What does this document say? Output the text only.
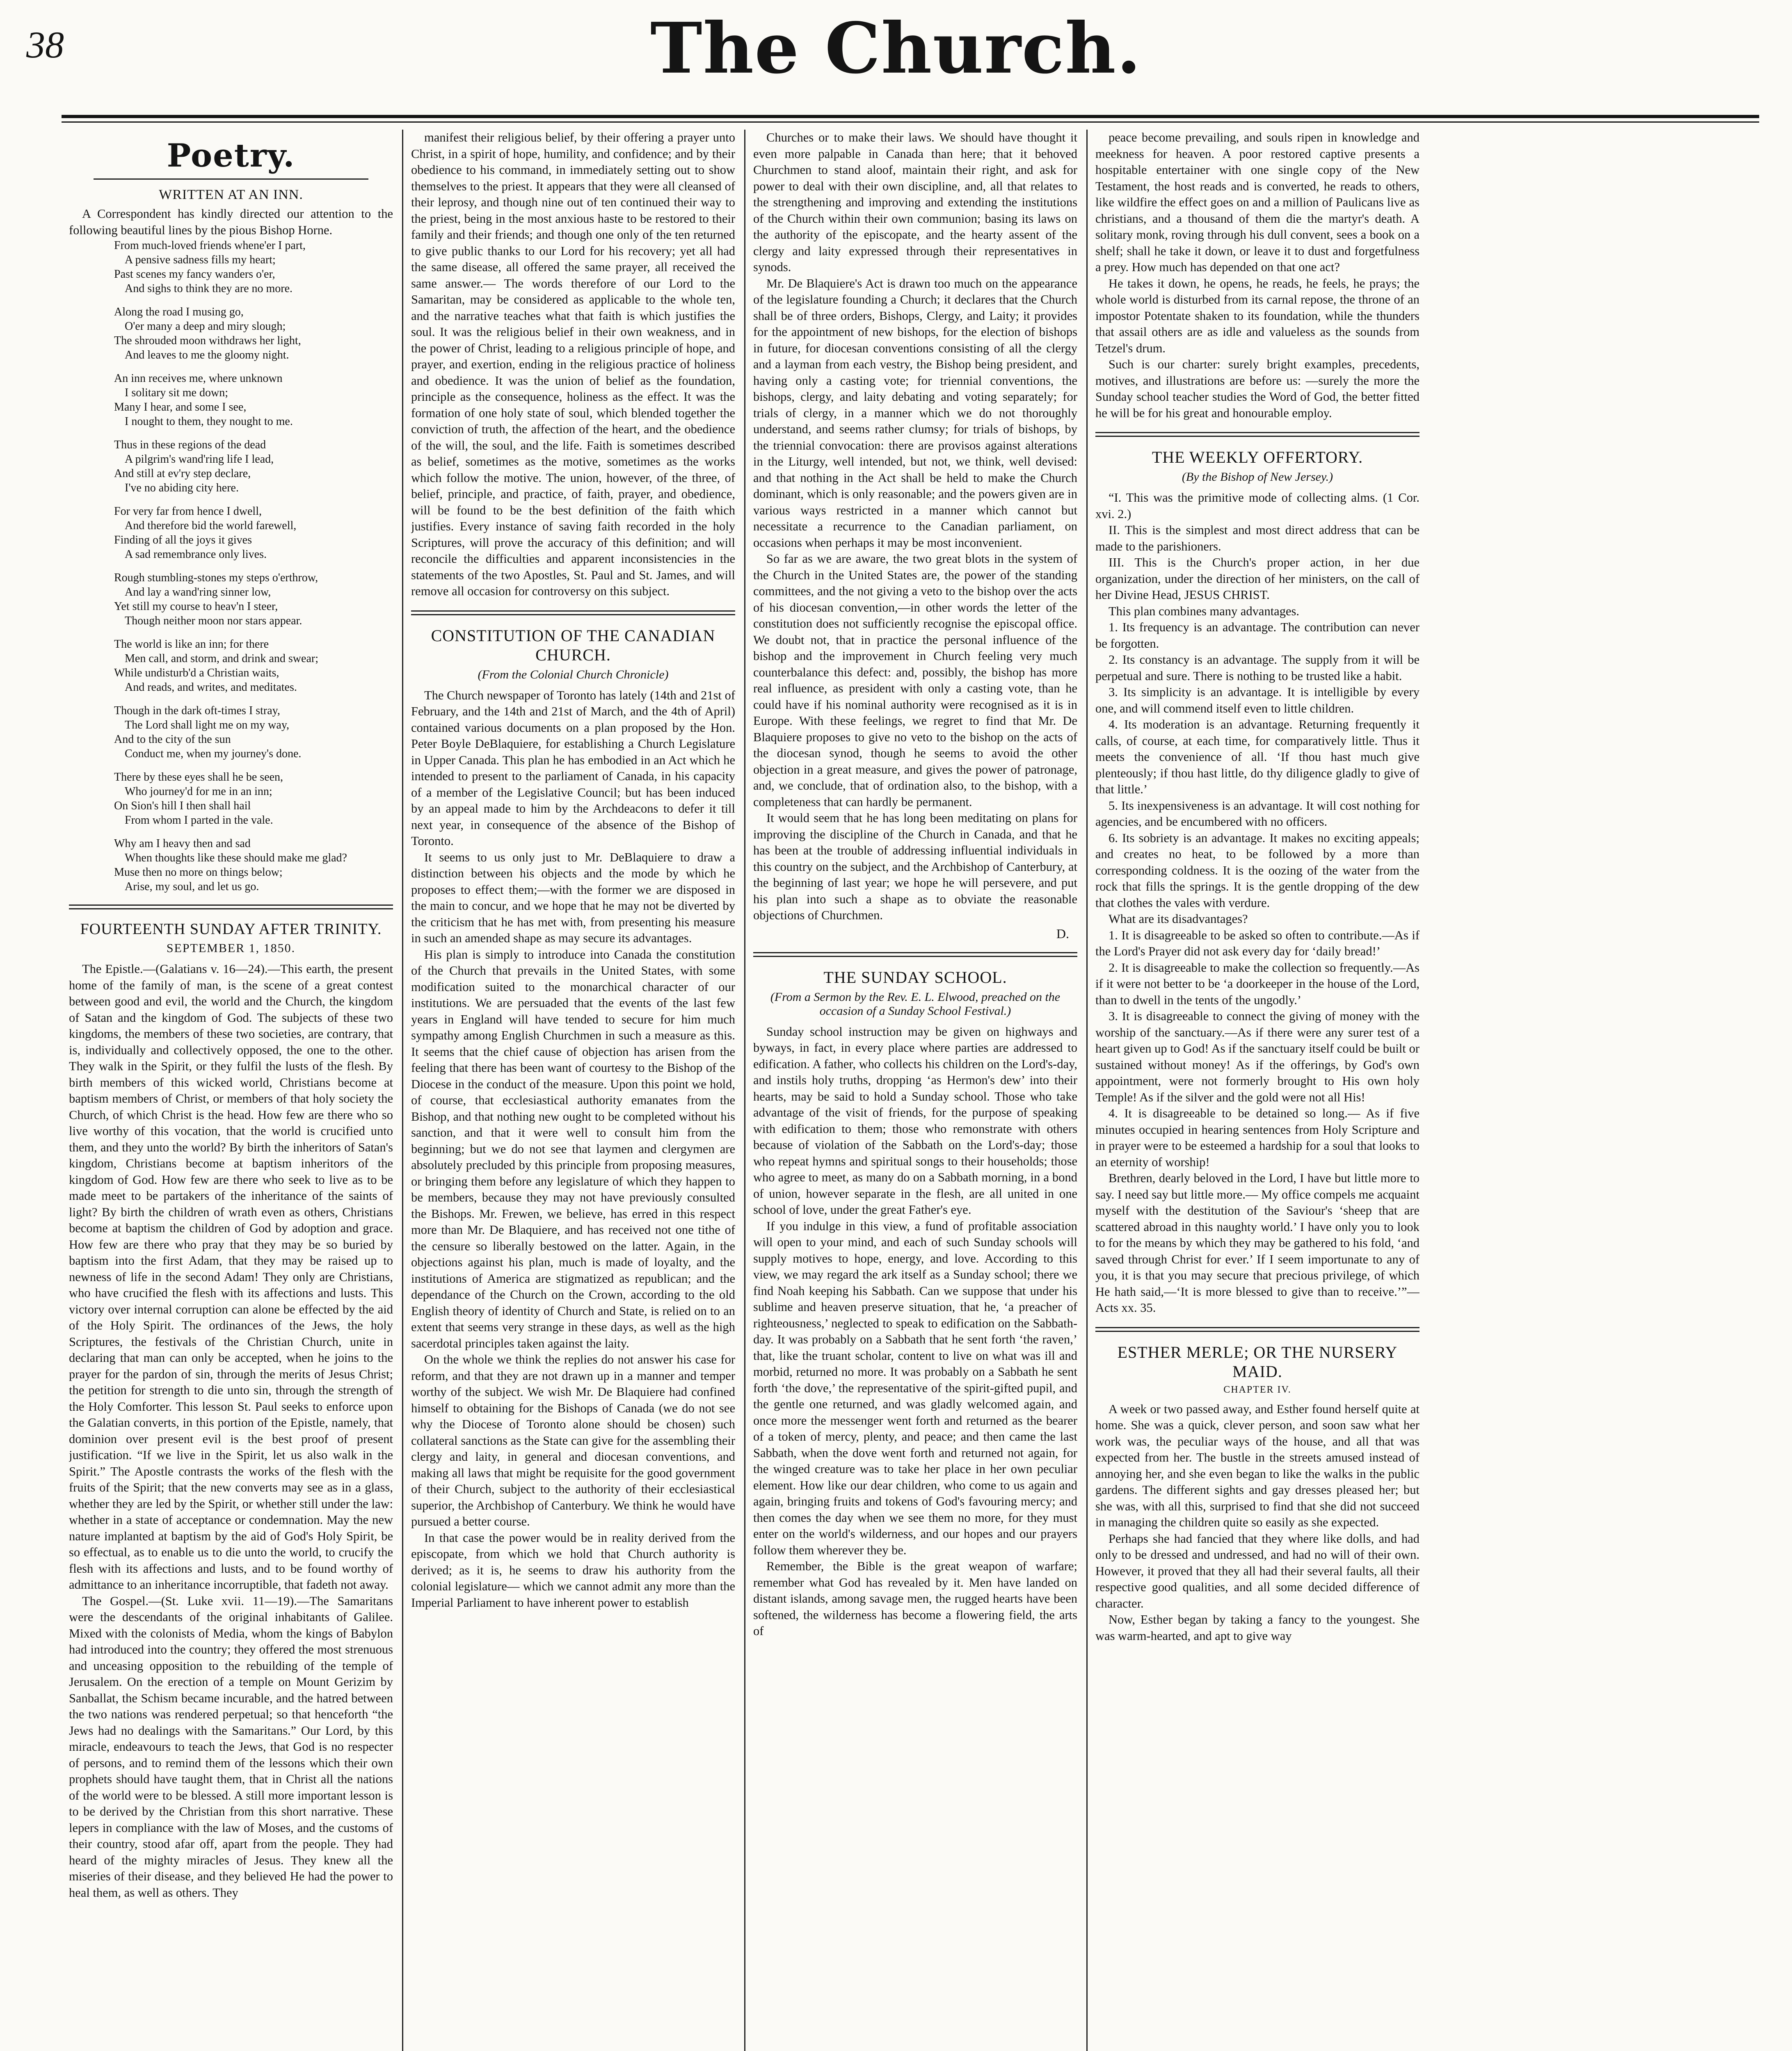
38	The Church.
Poetry.
WRITTEN AT AN INN.

A Correspondent has kindly directed our attention to the following beautiful lines by the pious Bishop Horne.

From much-loved friends whene'er I part,
A pensive sadness fills my heart;
Past scenes my fancy wanders o'er,
And sighs to think they are no more.
Along the road I musing go,
O'er many a deep and miry slough;
The shrouded moon withdraws her light,
And leaves to me the gloomy night.
An inn receives me, where unknown
I solitary sit me down;
Many I hear, and some I see,
I nought to them, they nought to me.
Thus in these regions of the dead
A pilgrim's wand'ring life I lead,
And still at ev'ry step declare,
I've no abiding city here.
For very far from hence I dwell,
And therefore bid the world farewell,
Finding of all the joys it gives
A sad remembrance only lives.
Rough stumbling-stones my steps o'erthrow,
And lay a wand'ring sinner low,
Yet still my course to heav'n I steer,
Though neither moon nor stars appear.
The world is like an inn; for there
Men call, and storm, and drink and swear;
While undisturb'd a Christian waits,
And reads, and writes, and meditates.
Though in the dark oft-times I stray,
The Lord shall light me on my way,
And to the city of the sun
Conduct me, when my journey's done.
There by these eyes shall he be seen,
Who journey'd for me in an inn;
On Sion's hill I then shall hail
From whom I parted in the vale.
Why am I heavy then and sad
When thoughts like these should make me glad?
Muse then no more on things below;
Arise, my soul, and let us go.
FOURTEENTH SUNDAY AFTER TRINITY.
SEPTEMBER 1, 1850.

The Epistle.—(Galatians v. 16—24).—This earth, the present home of the family of man, is the scene of a great contest between good and evil, the world and the Church, the kingdom of Satan and the kingdom of God. The subjects of these two kingdoms, the members of these two societies, are contrary, that is, individually and collectively opposed, the one to the other. They walk in the Spirit, or they fulfil the lusts of the flesh. By birth members of this wicked world, Christians become at baptism members of Christ, or members of that holy society the Church, of which Christ is the head. How few are there who so live worthy of this vocation, that the world is crucified unto them, and they unto the world? By birth the inheritors of Satan's kingdom, Christians become at baptism inheritors of the kingdom of God. How few are there who seek to live as to be made meet to be partakers of the inheritance of the saints of light? By birth the children of wrath even as others, Christians become at baptism the children of God by adoption and grace. How few are there who pray that they may be so buried by baptism into the first Adam, that they may be raised up to newness of life in the second Adam! They only are Christians, who have crucified the flesh with its affections and lusts. This victory over internal corruption can alone be effected by the aid of the Holy Spirit. The ordinances of the Jews, the holy Scriptures, the festivals of the Christian Church, unite in declaring that man can only be accepted, when he joins to the prayer for the pardon of sin, through the merits of Jesus Christ; the petition for strength to die unto sin, through the strength of the Holy Comforter. This lesson St. Paul seeks to enforce upon the Galatian converts, in this portion of the Epistle, namely, that dominion over present evil is the best proof of present justification. “If we live in the Spirit, let us also walk in the Spirit.” The Apostle contrasts the works of the flesh with the fruits of the Spirit; that the new converts may see as in a glass, whether they are led by the Spirit, or whether still under the law: whether in a state of acceptance or condemnation. May the new nature implanted at baptism by the aid of God's Holy Spirit, be so effectual, as to enable us to die unto the world, to crucify the flesh with its affections and lusts, and to be found worthy of admittance to an inheritance incorruptible, that fadeth not away.

The Gospel.—(St. Luke xvii. 11—19).—The Samaritans were the descendants of the original inhabitants of Galilee. Mixed with the colonists of Media, whom the kings of Babylon had introduced into the country; they offered the most strenuous and unceasing opposition to the rebuilding of the temple of Jerusalem. On the erection of a temple on Mount Gerizim by Sanballat, the Schism became incurable, and the hatred between the two nations was rendered perpetual; so that henceforth “the Jews had no dealings with the Samaritans.” Our Lord, by this miracle, endeavours to teach the Jews, that God is no respecter of persons, and to remind them of the lessons which their own prophets should have taught them, that in Christ all the nations of the world were to be blessed. A still more important lesson is to be derived by the Christian from this short narrative. These lepers in compliance with the law of Moses, and the customs of their country, stood afar off, apart from the people. They had heard of the mighty miracles of Jesus. They knew all the miseries of their disease, and they believed He had the power to heal them, as well as others. They

manifest their religious belief, by their offering a prayer unto Christ, in a spirit of hope, humility, and confidence; and by their obedience to his command, in immediately setting out to show themselves to the priest. It appears that they were all cleansed of their leprosy, and though nine out of ten continued their way to the priest, being in the most anxious haste to be restored to their family and their friends; and though one only of the ten returned to give public thanks to our Lord for his recovery; yet all had the same disease, all offered the same prayer, all received the same answer.— The words therefore of our Lord to the Samaritan, may be considered as applicable to the whole ten, and the narrative teaches what that faith is which justifies the soul. It was the religious belief in their own weakness, and in the power of Christ, leading to a religious principle of hope, and prayer, and exertion, ending in the religious practice of holiness and obedience. It was the union of belief as the foundation, principle as the consequence, holiness as the effect. It was the formation of one holy state of soul, which blended together the conviction of truth, the affection of the heart, and the obedience of the will, the soul, and the life. Faith is sometimes described as belief, sometimes as the motive, sometimes as the works which follow the motive. The union, however, of the three, of belief, principle, and practice, of faith, prayer, and obedience, will be found to be the best definition of the faith which justifies. Every instance of saving faith recorded in the holy Scriptures, will prove the accuracy of this definition; and will reconcile the difficulties and apparent inconsistencies in the statements of the two Apostles, St. Paul and St. James, and will remove all occasion for controversy on this subject.

CONSTITUTION OF THE CANADIAN CHURCH.
(From the Colonial Church Chronicle)

The Church newspaper of Toronto has lately (14th and 21st of February, and the 14th and 21st of March, and the 4th of April) contained various documents on a plan proposed by the Hon. Peter Boyle DeBlaquiere, for establishing a Church Legislature in Upper Canada. This plan he has embodied in an Act which he intended to present to the parliament of Canada, in his capacity of a member of the Legislative Council; but has been induced by an appeal made to him by the Archdeacons to defer it till next year, in consequence of the absence of the Bishop of Toronto.

It seems to us only just to Mr. DeBlaquiere to draw a distinction between his objects and the mode by which he proposes to effect them;—with the former we are disposed in the main to concur, and we hope that he may not be diverted by the criticism that he has met with, from presenting his measure in such an amended shape as may secure its advantages.

His plan is simply to introduce into Canada the constitution of the Church that prevails in the United States, with some modification suited to the monarchical character of our institutions. We are persuaded that the events of the last few years in England will have tended to secure for him much sympathy among English Churchmen in such a measure as this. It seems that the chief cause of objection has arisen from the feeling that there has been want of courtesy to the Bishop of the Diocese in the conduct of the measure. Upon this point we hold, of course, that ecclesiastical authority emanates from the Bishop, and that nothing new ought to be completed without his sanction, and that it were well to consult him from the beginning; but we do not see that laymen and clergymen are absolutely precluded by this principle from proposing measures, or bringing them before any legislature of which they happen to be members, because they may not have previously consulted the Bishops. Mr. Frewen, we believe, has erred in this respect more than Mr. De Blaquiere, and has received not one tithe of the censure so liberally bestowed on the latter. Again, in the objections against his plan, much is made of loyalty, and the institutions of America are stigmatized as republican; and the dependance of the Church on the Crown, according to the old English theory of identity of Church and State, is relied on to an extent that seems very strange in these days, as well as the high sacerdotal principles taken against the laity.

On the whole we think the replies do not answer his case for reform, and that they are not drawn up in a manner and temper worthy of the subject. We wish Mr. De Blaquiere had confined himself to obtaining for the Bishops of Canada (we do not see why the Diocese of Toronto alone should be chosen) such collateral sanctions as the State can give for the assembling their clergy and laity, in general and diocesan conventions, and making all laws that might be requisite for the good government of their Church, subject to the authority of their ecclesiastical superior, the Archbishop of Canterbury. We think he would have pursued a better course.

In that case the power would be in reality derived from the episcopate, from which we hold that Church authority is derived; as it is, he seems to draw his authority from the colonial legislature— which we cannot admit any more than the Imperial Parliament to have inherent power to establish

Churches or to make their laws. We should have thought it even more palpable in Canada than here; that it behoved Churchmen to stand aloof, maintain their right, and ask for power to deal with their own discipline, and, all that relates to the strengthening and improving and extending the institutions of the Church within their own communion; basing its laws on the authority of the episcopate, and the hearty assent of the clergy and laity expressed through their representatives in synods.

Mr. De Blaquiere's Act is drawn too much on the appearance of the legislature founding a Church; it declares that the Church shall be of three orders, Bishops, Clergy, and Laity; it provides for the appointment of new bishops, for the election of bishops in future, for diocesan conventions consisting of all the clergy and a layman from each vestry, the Bishop being president, and having only a casting vote; for triennial conventions, the bishops, clergy, and laity debating and voting separately; for trials of clergy, in a manner which we do not thoroughly understand, and seems rather clumsy; for trials of bishops, by the triennial convocation: there are provisos against alterations in the Liturgy, well intended, but not, we think, well devised: and that nothing in the Act shall be held to make the Church dominant, which is only reasonable; and the powers given are in various ways restricted in a manner which cannot but necessitate a recurrence to the Canadian parliament, on occasions when perhaps it may be most inconvenient.

So far as we are aware, the two great blots in the system of the Church in the United States are, the power of the standing committees, and the not giving a veto to the bishop over the acts of his diocesan convention,—in other words the letter of the constitution does not sufficiently recognise the episcopal office. We doubt not, that in practice the personal influence of the bishop and the improvement in Church feeling very much counterbalance this defect: and, possibly, the bishop has more real influence, as president with only a casting vote, than he could have if his nominal authority were recognised as it is in Europe. With these feelings, we regret to find that Mr. De Blaquiere proposes to give no veto to the bishop on the acts of the diocesan synod, though he seems to avoid the other objection in a great measure, and gives the power of patronage, and, we conclude, that of ordination also, to the bishop, with a completeness that can hardly be permanent.

It would seem that he has long been meditating on plans for improving the discipline of the Church in Canada, and that he has been at the trouble of addressing influential individuals in this country on the subject, and the Archbishop of Canterbury, at the beginning of last year; we hope he will persevere, and put his plan into such a shape as to obviate the reasonable objections of Churchmen.

D.
THE SUNDAY SCHOOL.
(From a Sermon by the Rev. E. L. Elwood, preached on the occasion of a Sunday School Festival.)

Sunday school instruction may be given on highways and byways, in fact, in every place where parties are addressed to edification. A father, who collects his children on the Lord's-day, and instils holy truths, dropping ‘as Hermon's dew’ into their hearts, may be said to hold a Sunday school. Those who take advantage of the visit of friends, for the purpose of speaking with edification to them; those who remonstrate with others because of violation of the Sabbath on the Lord's-day; those who repeat hymns and spiritual songs to their households; those who agree to meet, as many do on a Sabbath morning, in a bond of union, however separate in the flesh, are all united in one school of love, under the great Father's eye.

If you indulge in this view, a fund of profitable association will open to your mind, and each of such Sunday schools will supply motives to hope, energy, and love. According to this view, we may regard the ark itself as a Sunday school; there we find Noah keeping his Sabbath. Can we suppose that under his sublime and heaven preserve situation, that he, ‘a preacher of righteousness,’ neglected to speak to edification on the Sabbath-day. It was probably on a Sabbath that he sent forth ‘the raven,’ that, like the truant scholar, content to live on what was ill and morbid, returned no more. It was probably on a Sabbath he sent forth ‘the dove,’ the representative of the spirit-gifted pupil, and the gentle one returned, and was gladly welcomed again, and once more the messenger went forth and returned as the bearer of a token of mercy, plenty, and peace; and then came the last Sabbath, when the dove went forth and returned not again, for the winged creature was to take her place in her own peculiar element. How like our dear children, who come to us again and again, bringing fruits and tokens of God's favouring mercy; and then comes the day when we see them no more, for they must enter on the world's wilderness, and our hopes and our prayers follow them wherever they be.

Remember, the Bible is the great weapon of warfare; remember what God has revealed by it. Men have landed on distant islands, among savage men, the rugged hearts have been softened, the wilderness has become a flowering field, the arts of

peace become prevailing, and souls ripen in knowledge and meekness for heaven. A poor restored captive presents a hospitable entertainer with one single copy of the New Testament, the host reads and is converted, he reads to others, like wildfire the effect goes on and a million of Paulicans live as christians, and a thousand of them die the martyr's death. A solitary monk, roving through his dull convent, sees a book on a shelf; shall he take it down, or leave it to dust and forgetfulness a prey. How much has depended on that one act?

He takes it down, he opens, he reads, he feels, he prays; the whole world is disturbed from its carnal repose, the throne of an impostor Potentate shaken to its foundation, while the thunders that assail others are as idle and valueless as the sounds from Tetzel's drum.

Such is our charter: surely bright examples, precedents, motives, and illustrations are before us: —surely the more the Sunday school teacher studies the Word of God, the better fitted he will be for his great and honourable employ.

THE WEEKLY OFFERTORY.
(By the Bishop of New Jersey.)

“I. This was the primitive mode of collecting alms. (1 Cor. xvi. 2.)

II. This is the simplest and most direct address that can be made to the parishioners.

III. This is the Church's proper action, in her due organization, under the direction of her ministers, on the call of her Divine Head, JESUS CHRIST.

This plan combines many advantages.

1. Its frequency is an advantage. The contribution can never be forgotten.

2. Its constancy is an advantage. The supply from it will be perpetual and sure. There is nothing to be trusted like a habit.

3. Its simplicity is an advantage. It is intelligible by every one, and will commend itself even to little children.

4. Its moderation is an advantage. Returning frequently it calls, of course, at each time, for comparatively little. Thus it meets the convenience of all. ‘If thou hast much give plenteously; if thou hast little, do thy diligence gladly to give of that little.’

5. Its inexpensiveness is an advantage. It will cost nothing for agencies, and be encumbered with no officers.

6. Its sobriety is an advantage. It makes no exciting appeals; and creates no heat, to be followed by a more than corresponding coldness. It is the oozing of the water from the rock that fills the springs. It is the gentle dropping of the dew that clothes the vales with verdure.

What are its disadvantages?

1. It is disagreeable to be asked so often to contribute.—As if the Lord's Prayer did not ask every day for ‘daily bread!’

2. It is disagreeable to make the collection so frequently.—As if it were not better to be ‘a doorkeeper in the house of the Lord, than to dwell in the tents of the ungodly.’

3. It is disagreeable to connect the giving of money with the worship of the sanctuary.—As if there were any surer test of a heart given up to God! As if the sanctuary itself could be built or sustained without money! As if the offerings, by God's own appointment, were not formerly brought to His own holy Temple! As if the silver and the gold were not all His!

4. It is disagreeable to be detained so long.— As if five minutes occupied in hearing sentences from Holy Scripture and in prayer were to be esteemed a hardship for a soul that looks to an eternity of worship!

Brethren, dearly beloved in the Lord, I have but little more to say. I need say but little more.— My office compels me acquaint myself with the destitution of the Saviour's ‘sheep that are scattered abroad in this naughty world.’ I have only you to look to for the means by which they may be gathered to his fold, ‘and saved through Christ for ever.’ If I seem importunate to any of you, it is that you may secure that precious privilege, of which He hath said,—‘It is more blessed to give than to receive.’”—Acts xx. 35.

ESTHER MERLE; OR THE NURSERY MAID.
CHAPTER IV.

A week or two passed away, and Esther found herself quite at home. She was a quick, clever person, and soon saw what her work was, the peculiar ways of the house, and all that was expected from her. The bustle in the streets amused instead of annoying her, and she even began to like the walks in the public gardens. The different sights and gay dresses pleased her; but she was, with all this, surprised to find that she did not succeed in managing the children quite so easily as she expected.

Perhaps she had fancied that they where like dolls, and had only to be dressed and undressed, and had no will of their own. However, it proved that they all had their several faults, all their respective good qualities, and all some decided difference of character.

Now, Esther began by taking a fancy to the youngest. She was warm-hearted, and apt to give way
